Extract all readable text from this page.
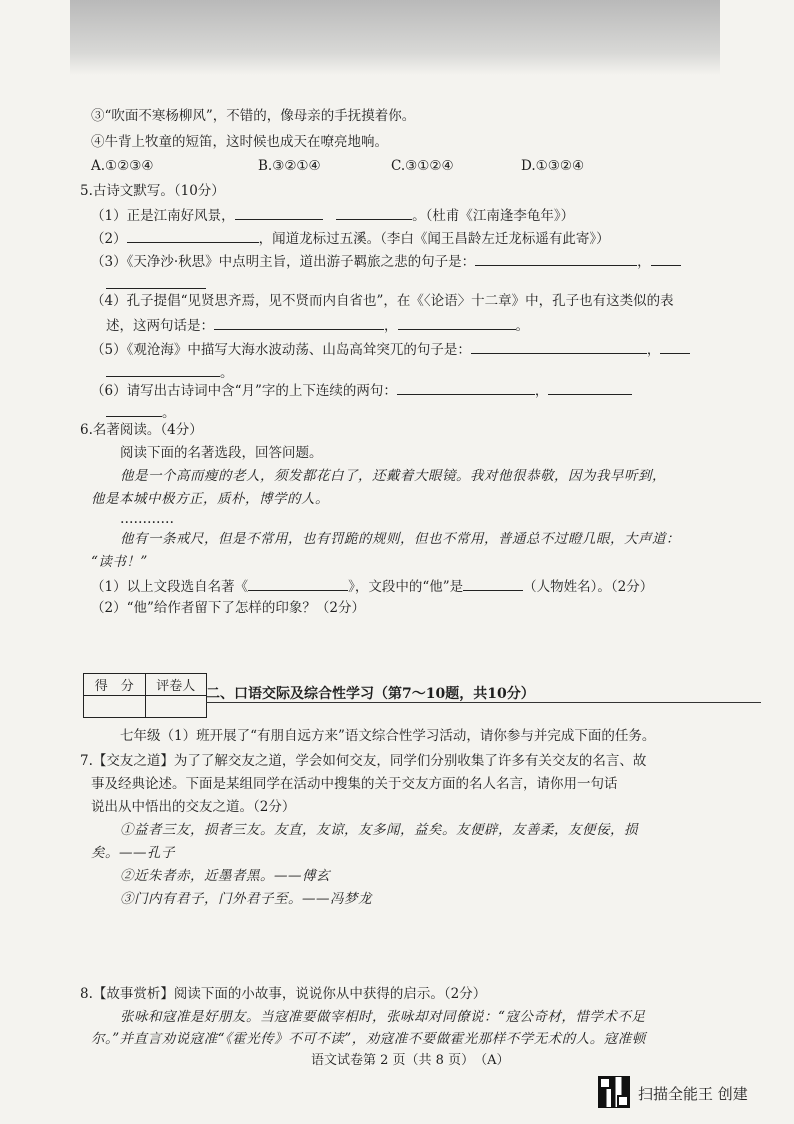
③“吹面不寒杨柳风”，不错的，像母亲的手抚摸着你。
④牛背上牧童的短笛，这时候也成天在嘹亮地响。
A.①②③④	B.③②①④	C.③①②④	D.①③②④
5.古诗文默写。（10分）
（1）正是江南好风景，　	。（杜甫《江南逢李龟年》）
（2）	，闻道龙标过五溪。（李白《闻王昌龄左迁龙标遥有此寄》）
（3）《天净沙·秋思》中点明主旨，道出游子羁旅之悲的句子是：	，
（4）孔子提倡“见贤思齐焉，见不贤而内自省也”，在《〈论语〉十二章》中，孔子也有这类似的表
述，这两句话是：	，	。
（5）《观沧海》中描写大海水波动荡、山岛高耸突兀的句子是：	，
。
（6）请写出古诗词中含“月”字的上下连续的两句：	，
。
6.名著阅读。（4分）
阅读下面的名著选段，回答问题。
他是一个高而瘦的老人，须发都花白了，还戴着大眼镜。我对他很恭敬，因为我早听到，
他是本城中极方正，质朴，博学的人。
…………
他有一条戒尺，但是不常用，也有罚跪的规则，但也不常用，普通总不过瞪几眼，大声道：
“读书！”
（1）以上文段选自名著《	》，文段中的“他”是	（人物姓名）。（2分）
（2）“他”给作者留下了怎样的印象？（2分）
得　分	评卷人
	二、口语交际及综合性学习（第7～10题，共10分）
七年级（1）班开展了“有朋自远方来”语文综合性学习活动，请你参与并完成下面的任务。
7.【交友之道】为了了解交友之道，学会如何交友，同学们分别收集了许多有关交友的名言、故
事及经典论述。下面是某组同学在活动中搜集的关于交友方面的名人名言，请你用一句话
说出从中悟出的交友之道。（2分）
①益者三友，损者三友。友直，友谅，友多闻，益矣。友便辟，友善柔，友便佞，损
矣。——孔子
②近朱者赤，近墨者黑。——傅玄
③门内有君子，门外君子至。——冯梦龙
8.【故事赏析】阅读下面的小故事，说说你从中获得的启示。（2分）
张咏和寇准是好朋友。当寇准要做宰相时，张咏却对同僚说：“寇公奇材，惜学术不足
尔。”并直言劝说寇准“《霍光传》不可不读”，劝寇准不要做霍光那样不学无术的人。寇准顿
语文试卷第 2 页（共 8 页）　（A）
扫描全能王 创建
